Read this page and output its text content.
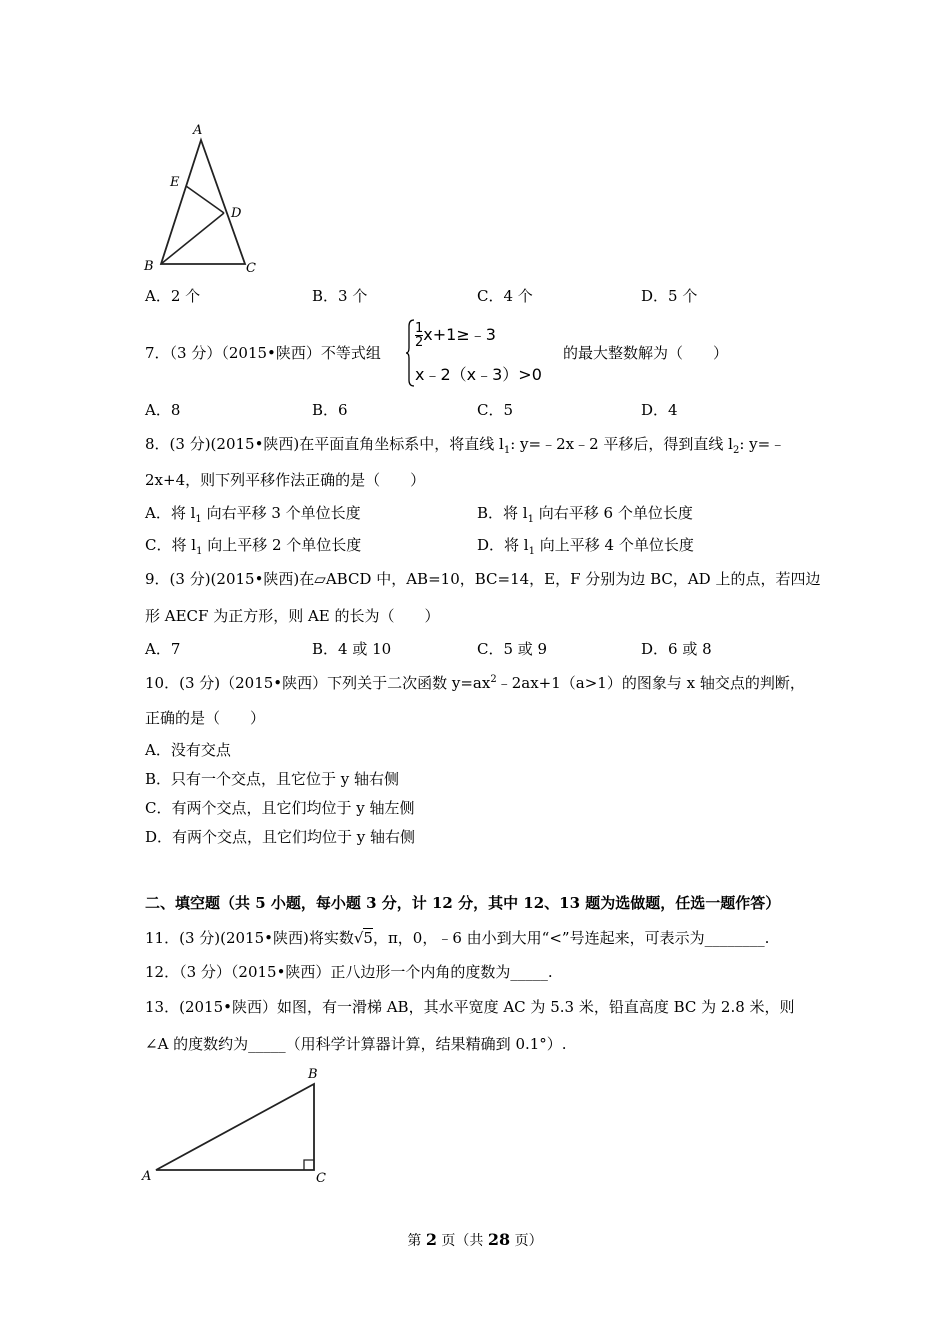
A
E
D
B	C
A．2 个	B．3 个	C．4 个	D．5 个
7．（3 分）（2015•陕西）不等式组
$\frac{1}{2}$ x+1≥﹣3
x﹣2（x﹣3）>0
的最大整数解为（　　）
A．8	B．6	C．5	D．4
8．(3 分)(2015•陕西)在平面直角坐标系中，将直线 $l_1$: y=﹣2x﹣2 平移后，得到直线 $l_2$: y=﹣
2x+4，则下列平移作法正确的是（　　）
A．将 $l_1$ 向右平移 3 个单位长度	B．将 $l_1$ 向右平移 6 个单位长度
C．将 $l_1$ 向上平移 2 个单位长度	D．将 $l_1$ 向上平移 4 个单位长度
9．(3 分)(2015•陕西)在▱ABCD 中，AB=10，BC=14，E，F 分别为边 BC，AD 上的点，若四边
形 AECF 为正方形，则 AE 的长为（　　）
A．7	B．4 或 10	C．5 或 9	D．6 或 8
10．(3 分)（2015•陕西）下列关于二次函数 $y=ax^2﹣2ax+1(a>1)$的图象与 x 轴交点的判断，
正确的是（　　）
A．没有交点
B．只有一个交点，且它位于 y 轴右侧
C．有两个交点，且它们均位于 y 轴左侧
D．有两个交点，且它们均位于 y 轴右侧
二、填空题（共 5 小题，每小题 3 分，计 12 分，其中 12、13 题为选做题，任选一题作答）
11．(3 分)(2015•陕西)将实数√5，π，0，﹣6 由小到大用“<”号连起来，可表示为________.
12．（3 分）（2015•陕西）正八边形一个内角的度数为_____.
13．(2015•陕西）如图，有一滑梯 AB，其水平宽度 AC 为 5.3 米，铅直高度 BC 为 2.8 米，则
∠A 的度数约为_____（用科学计算器计算，结果精确到 0.1°）.
B
A	C
第 2 页（共 28 页）
